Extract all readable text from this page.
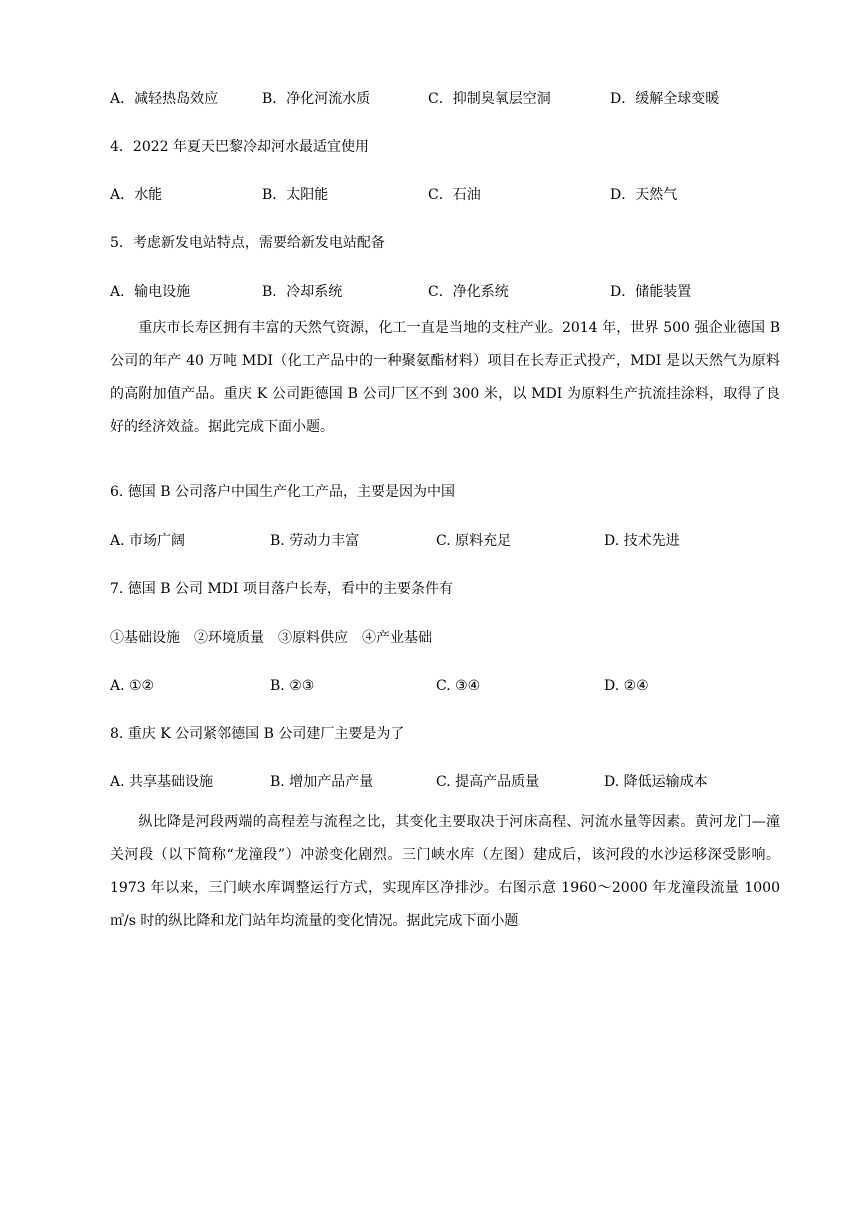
A．减轻热岛效应	B．净化河流水质	C．抑制臭氧层空洞	D．缓解全球变暖
4．2022 年夏天巴黎冷却河水最适宜使用
A．水能	B．太阳能	C．石油	D．天然气
5．考虑新发电站特点，需要给新发电站配备
A．输电设施	B．冷却系统	C．净化系统	D．储能装置

　　重庆市长寿区拥有丰富的天然气资源，化工一直是当地的支柱产业。2014 年，世界 500 强企业德国 B 公司的年产 40 万吨 MDI（化工产品中的一种聚氨酯材料）项目在长寿正式投产，MDI 是以天然气为原料的高附加值产品。重庆 K 公司距德国 B 公司厂区不到 300 米，以 MDI 为原料生产抗流挂涂料，取得了良好的经济效益。据此完成下面小题。

6. 德国 B 公司落户中国生产化工产品，主要是因为中国
A. 市场广阔	B. 劳动力丰富	C. 原料充足	D. 技术先进
7. 德国 B 公司 MDI 项目落户长寿，看中的主要条件有
①基础设施　②环境质量　③原料供应　④产业基础
A. ①②	B. ②③	C. ③④	D. ②④
8. 重庆 K 公司紧邻德国 B 公司建厂主要是为了
A. 共享基础设施	B. 增加产品产量	C. 提高产品质量	D. 降低运输成本

　　纵比降是河段两端的高程差与流程之比，其变化主要取决于河床高程、河流水量等因素。黄河龙门—潼关河段（以下简称“龙潼段”）冲淤变化剧烈。三门峡水库（左图）建成后，该河段的水沙运移深受影响。1973 年以来，三门峡水库调整运行方式，实现库区净排沙。右图示意 1960～2000 年龙潼段流量 1000㎥/s 时的纵比降和龙门站年均流量的变化情况。据此完成下面小题
